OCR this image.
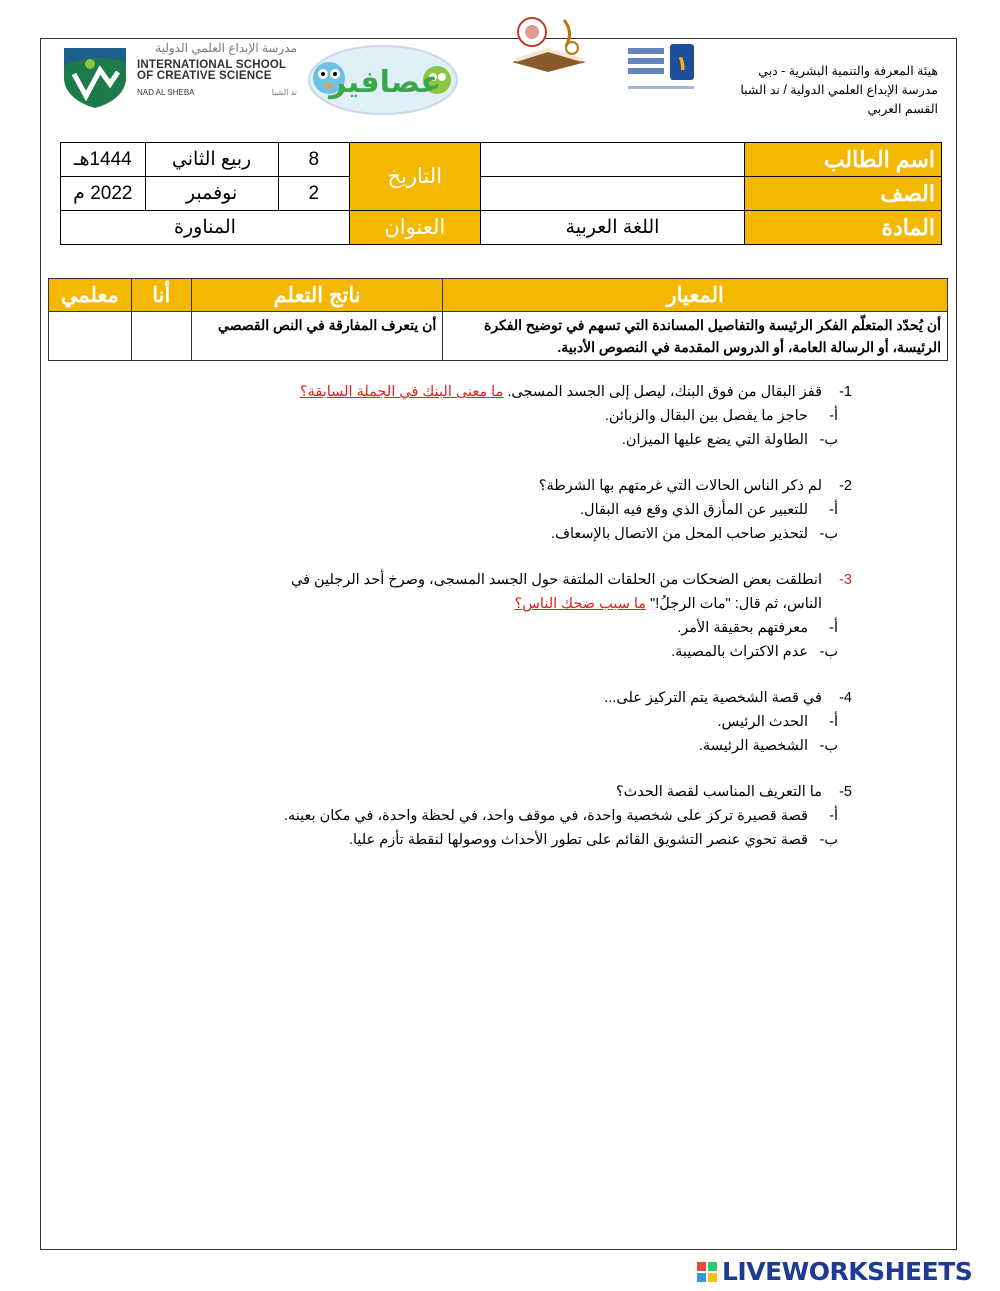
مدرسة الإبداع العلمي الدولية
INTERNATIONAL SCHOOL
OF CREATIVE SCIENCE
NAD AL SHEBA	ند الشبا عصافير
١	هيئة المعرفة والتنمية البشرية - دبي
مدرسة الإبداع العلمي الدولية / ند الشبا
القسم العربي
اسم الطالب		التاريخ	8	ربيع الثاني	1444هـ
الصف			2	نوفمبر	2022 م
المادة	اللغة العربية	العنوان	المناورة		
المعيار	ناتج التعلم	أنا	معلمي
أن يُحدّد المتعلّم الفكر الرئيسة والتفاصيل المساندة التي تسهم في توضيح الفكرة الرئيسة، أو الرسالة العامة، أو الدروس المقدمة في النصوص الأدبية.	أن يتعرف المفارقة في النص القصصي		
1-
قفز البقال من فوق البنك، ليصل إلى الجسد المسجى. ما معنى البنك في الجملة السابقة؟
أ-
حاجز ما يفصل بين البقال والزبائن.
ب-
الطاولة التي يضع عليها الميزان.
2-
لم ذكر الناس الحالات التي غرمتهم بها الشرطة؟
أ-
للتعبير عن المأزق الذي وقع فيه البقال.
ب-
لتحذير صاحب المحل من الاتصال بالإسعاف.
3-
انطلقت بعض الضحكات من الحلقات الملتفة حول الجسد المسجى، وصرخ أحد الرجلين في الناس، ثم قال: "مات الرجلُ!" ما سبب ضحك الناس؟
أ-
معرفتهم بحقيقة الأمر.
ب-
عدم الاكتراث بالمصيبة.
4-
في قصة الشخصية يتم التركيز على...
أ-
الحدث الرئيس.
ب-
الشخصية الرئيسة.
5-
ما التعريف المناسب لقصة الحدث؟
أ-
قصة قصيرة تركز على شخصية واحدة، في موقف واحد، في لحظة واحدة، في مكان بعينه.
ب-
قصة تحوي عنصر التشويق القائم على تطور الأحداث ووصولها لنقطة تأزم عليا.
LIVEWORKSHEETS
